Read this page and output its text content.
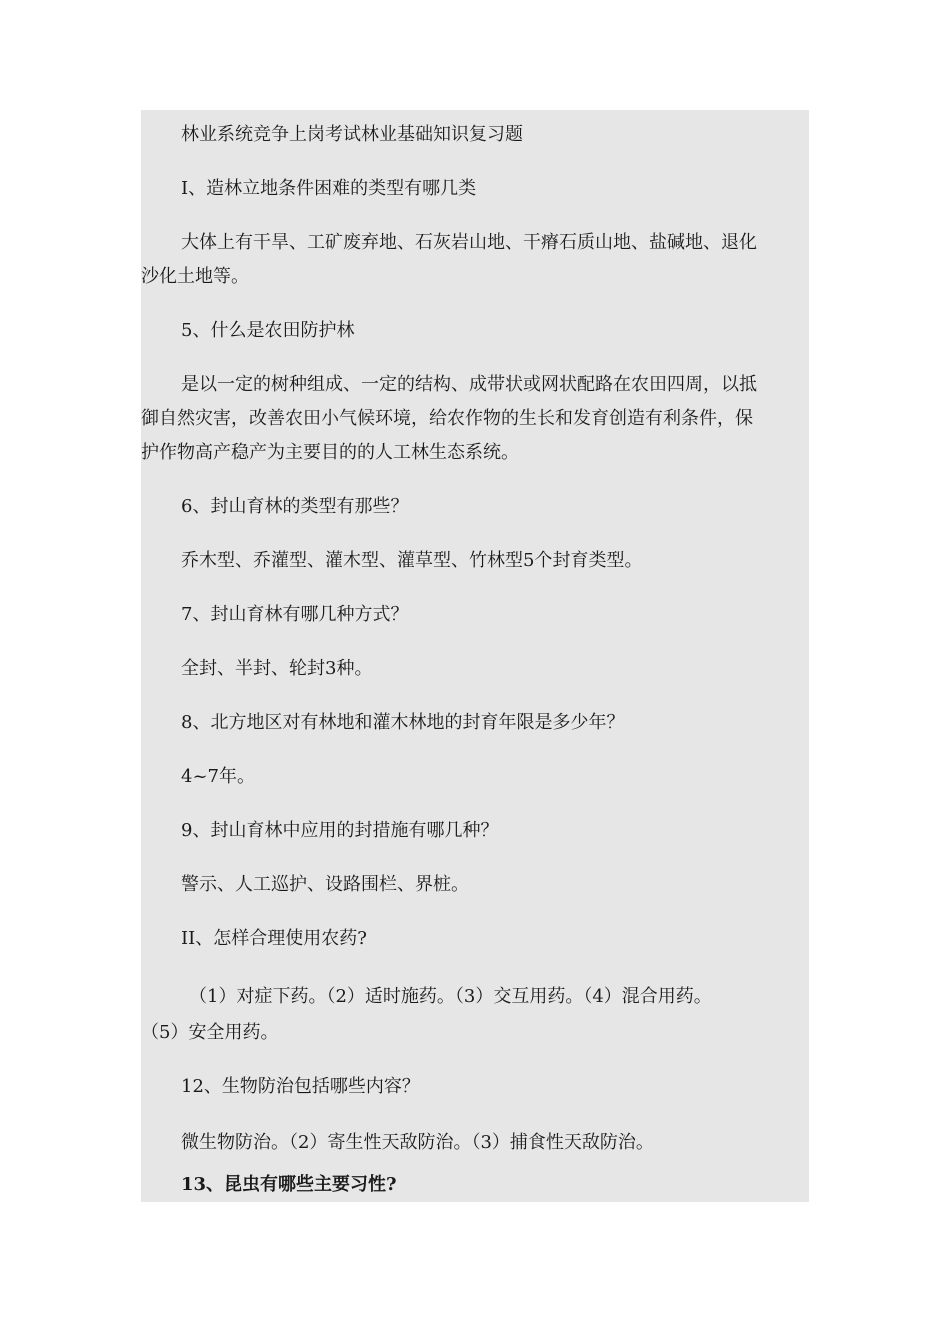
林业系统竞争上岗考试林业基础知识复习题
I、造林立地条件困难的类型有哪几类
大体上有干旱、工矿废弃地、石灰岩山地、干瘠石质山地、盐碱地、退化
沙化土地等。
5、什么是农田防护林
是以一定的树种组成、一定的结构、成带状或网状配路在农田四周，以抵
御自然灾害，改善农田小气候环境，给农作物的生长和发育创造有利条件，保
护作物高产稳产为主要目的的人工林生态系统。
6、封山育林的类型有那些？
乔木型、乔灌型、灌木型、灌草型、竹林型5个封育类型。
7、封山育林有哪几种方式？
全封、半封、轮封3种。
8、北方地区对有林地和灌木林地的封育年限是多少年？
4~7年。
9、封山育林中应用的封措施有哪几种？
警示、人工巡护、设路围栏、界桩。
II、怎样合理使用农药?
（1）对症下药。（2）适时施药。（3）交互用药。（4）混合用药。
（5）安全用药。
12、生物防治包括哪些内容？
微生物防治。（2）寄生性天敌防治。（3）捕食性天敌防治。
13、昆虫有哪些主要习性?
